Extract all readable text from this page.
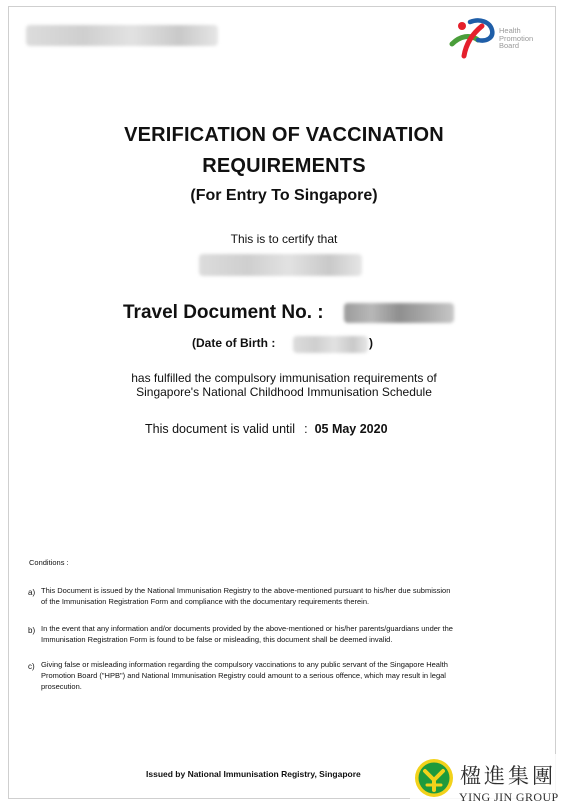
Health
Promotion
Board
VERIFICATION OF VACCINATION
REQUIREMENTS
(For Entry To Singapore)
This is to certify that
Travel Document No. :
(Date of Birth :	)
has fulfilled the compulsory immunisation requirements of
Singapore's National Childhood Immunisation Schedule
This document is valid until : 05 May 2020
Conditions :
a) This Document is issued by the National Immunisation Registry to the above-mentioned pursuant to his/her due submission
of the Immunisation Registration Form and compliance with the documentary requirements therein.
b) In the event that any information and/or documents provided by the above-mentioned or his/her parents/guardians under the
Immunisation Registration Form is found to be false or misleading, this document shall be deemed invalid.
c) Giving false or misleading information regarding the compulsory vaccinations to any public servant of the Singapore Health
Promotion Board ("HPB") and National Immunisation Registry could amount to a serious offence, which may result in legal
prosecution.
Issued by National Immunisation Registry, Singapore	楹進集團
YING JIN GROUP
